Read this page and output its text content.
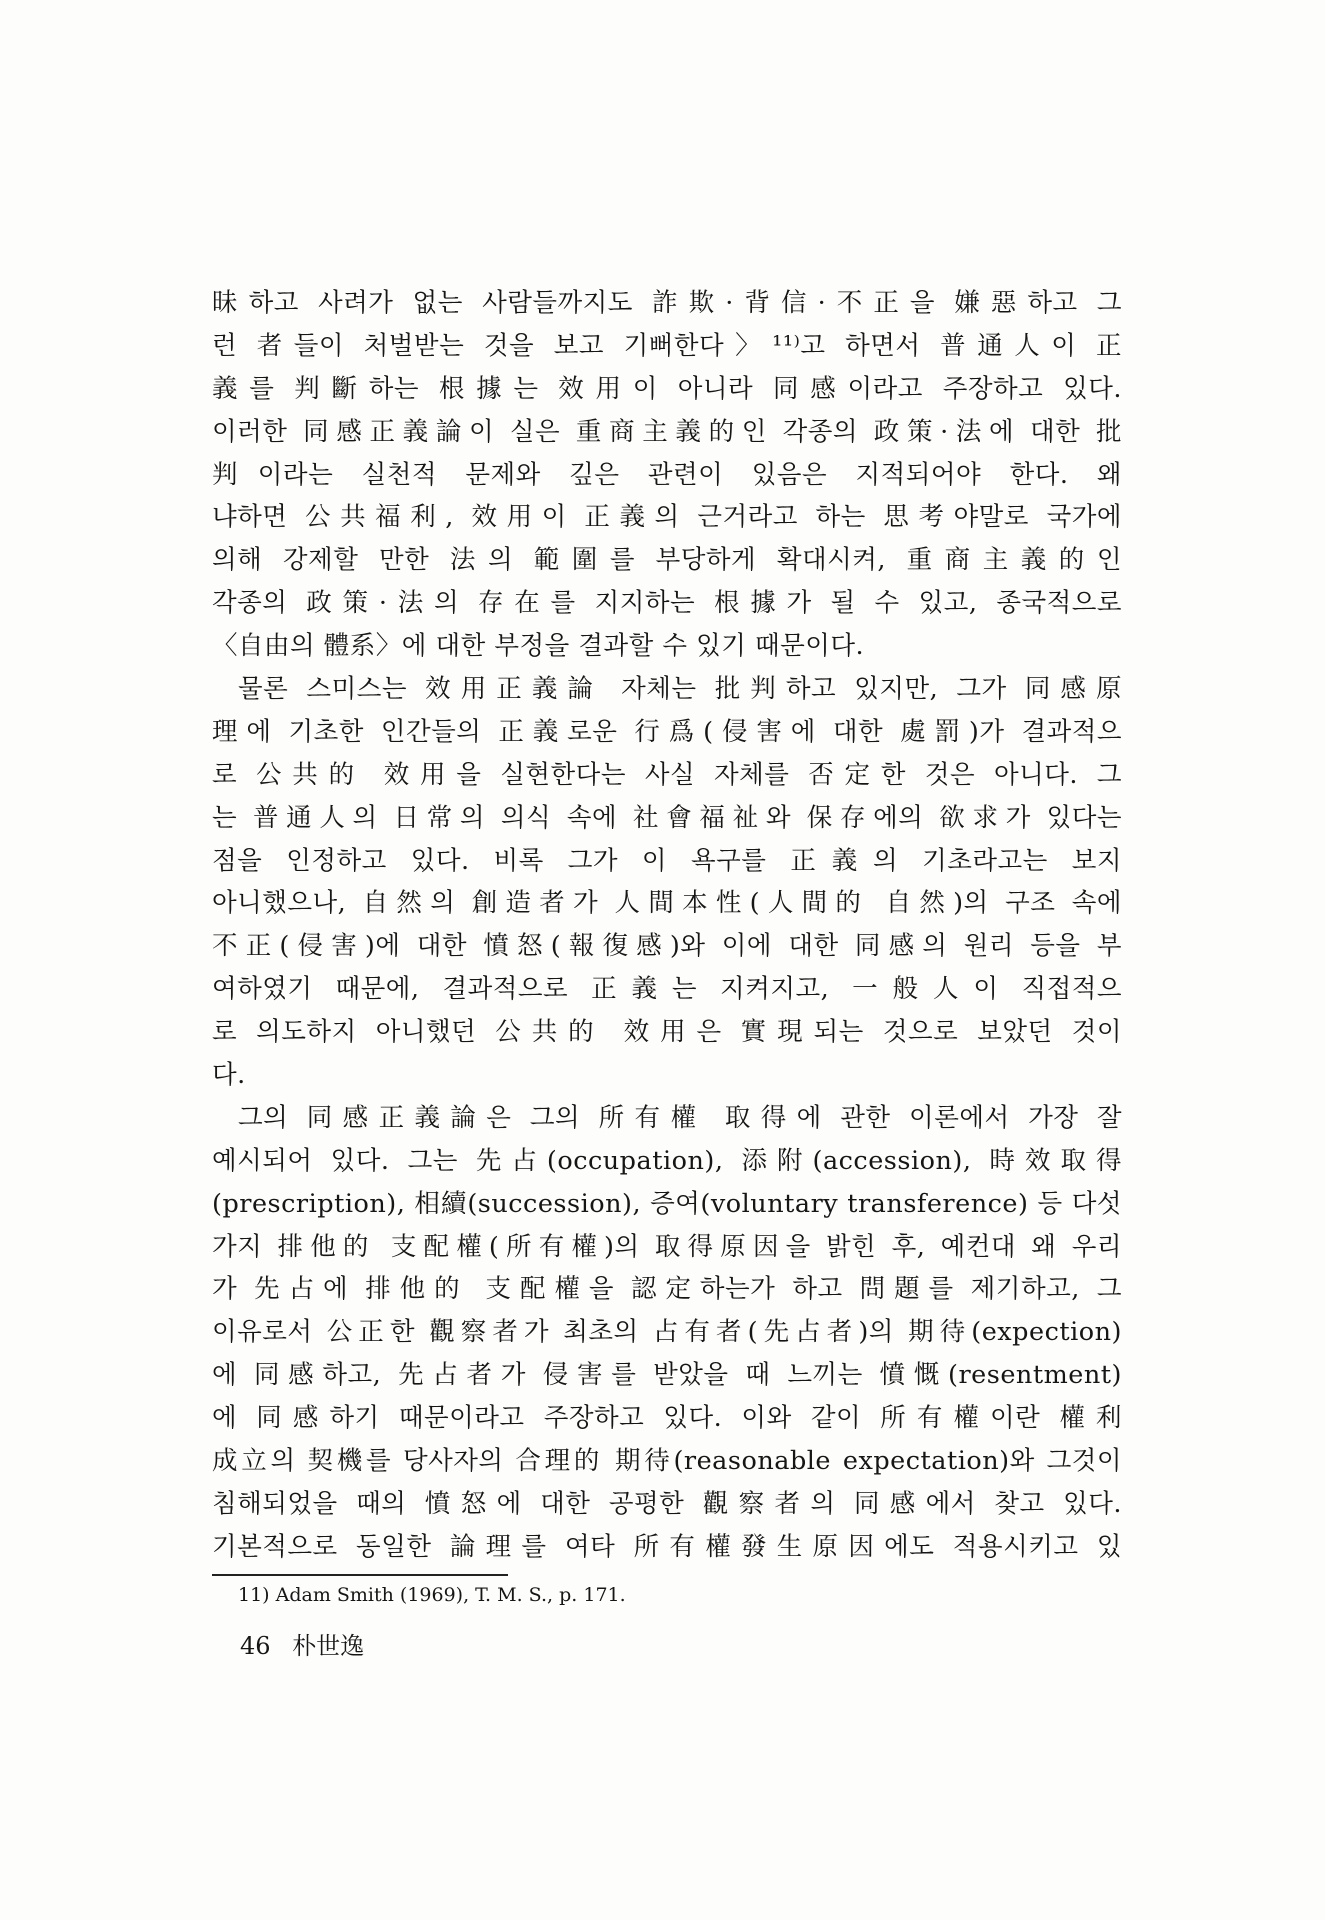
昧하고 사려가 없는 사람들까지도 詐欺·背信·不正을 嫌惡하고 그
런 者들이 처벌받는 것을 보고 기뻐한다〉¹¹⁾고 하면서 普通人이 正
義를 判斷하는 根據는 效用이 아니라 同感이라고 주장하고 있다.
이러한 同感正義論이 실은 重商主義的인 각종의 政策·法에 대한 批
判이라는 실천적 문제와 깊은 관련이 있음은 지적되어야 한다. 왜
냐하면 公共福利, 效用이 正義의 근거라고 하는 思考야말로 국가에
의해 강제할 만한 法의 範圍를 부당하게 확대시켜, 重商主義的인
각종의 政策·法의 存在를 지지하는 根據가 될 수 있고, 종국적으로
〈自由의 體系〉에 대한 부정을 결과할 수 있기 때문이다.
물론 스미스는 效用正義論 자체는 批判하고 있지만, 그가 同感原
理에 기초한 인간들의 正義로운 行爲(侵害에 대한 處罰)가 결과적으
로 公共的 效用을 실현한다는 사실 자체를 否定한 것은 아니다. 그
는 普通人의 日常의 의식 속에 社會福祉와 保存에의 欲求가 있다는
점을 인정하고 있다. 비록 그가 이 욕구를 正義의 기초라고는 보지
아니했으나, 自然의 創造者가 人間本性(人間的 自然)의 구조 속에
不正(侵害)에 대한 憤怒(報復感)와 이에 대한 同感의 원리 등을 부
여하였기 때문에, 결과적으로 正義는 지켜지고, 一般人이 직접적으
로 의도하지 아니했던 公共的 效用은 實現되는 것으로 보았던 것이
다.
그의 同感正義論은 그의 所有權 取得에 관한 이론에서 가장 잘
예시되어 있다. 그는 先占(occupation), 添附(accession), 時效取得
(prescription), 相續(succession), 증여(voluntary transference) 등 다섯
가지 排他的 支配權(所有權)의 取得原因을 밝힌 후, 예컨대 왜 우리
가 先占에 排他的 支配權을 認定하는가 하고 問題를 제기하고, 그
이유로서 公正한 觀察者가 최초의 占有者(先占者)의 期待(expection)
에 同感하고, 先占者가 侵害를 받았을 때 느끼는 憤慨(resentment)
에 同感하기 때문이라고 주장하고 있다. 이와 같이 所有權이란 權利
成立의 契機를 당사자의 合理的 期待(reasonable expectation)와 그것이
침해되었을 때의 憤怒에 대한 공평한 觀察者의 同感에서 찾고 있다.
기본적으로 동일한 論理를 여타 所有權發生原因에도 적용시키고 있
11) Adam Smith (1969), T. M. S., p. 171.
46 朴世逸
